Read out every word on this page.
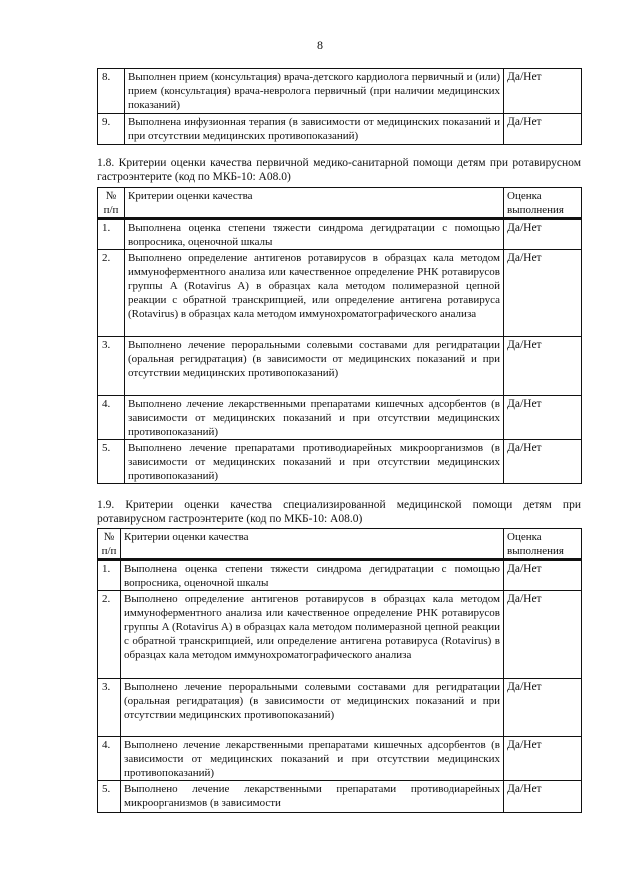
8
8.	Выполнен прием (консультация) врача-детского кардиолога первичный и (или) прием (консультация) врача-невролога первичный (при наличии медицинских показаний)	Да/Нет
9.	Выполнена инфузионная терапия (в зависимости от медицинских показаний и при отсутствии медицинских противопоказаний)	Да/Нет
1.8. Критерии оценки качества первичной медико-санитарной помощи детям при ротавирусном гастроэнтерите (код по МКБ-10: А08.0)
№ п/п	Критерии оценки качества	Оценка выполнения
1.	Выполнена оценка степени тяжести синдрома дегидратации с помощью вопросника, оценочной шкалы	Да/Нет
2.	Выполнено определение антигенов ротавирусов в образцах кала методом иммуноферментного анализа или качественное определение РНК ротавирусов группы A (Rotavirus A) в образцах кала методом полимеразной цепной реакции с обратной транскрипцией, или определение антигена ротавируса (Rotavirus) в образцах кала методом иммунохроматографического анализа	Да/Нет
3.	Выполнено лечение пероральными солевыми составами для регидратации (оральная регидратация) (в зависимости от медицинских показаний и при отсутствии медицинских противопоказаний)	Да/Нет
4.	Выполнено лечение лекарственными препаратами кишечных адсорбентов (в зависимости от медицинских показаний и при отсутствии медицинских противопоказаний)	Да/Нет
5.	Выполнено лечение препаратами противодиарейных микроорганизмов (в зависимости от медицинских показаний и при отсутствии медицинских противопоказаний)	Да/Нет
1.9. Критерии оценки качества специализированной медицинской помощи детям при ротавирусном гастроэнтерите (код по МКБ-10: А08.0)
№ п/п	Критерии оценки качества	Оценка выполнения
1.	Выполнена оценка степени тяжести синдрома дегидратации с помощью вопросника, оценочной шкалы	Да/Нет
2.	Выполнено определение антигенов ротавирусов в образцах кала методом иммуноферментного анализа или качественное определение РНК ротавирусов группы A (Rotavirus A) в образцах кала методом полимеразной цепной реакции с обратной транскрипцией, или определение антигена ротавируса (Rotavirus) в образцах кала методом иммунохроматографического анализа	Да/Нет
3.	Выполнено лечение пероральными солевыми составами для регидратации (оральная регидратация) (в зависимости от медицинских показаний и при отсутствии медицинских противопоказаний)	Да/Нет
4.	Выполнено лечение лекарственными препаратами кишечных адсорбентов (в зависимости от медицинских показаний и при отсутствии медицинских противопоказаний)	Да/Нет
5.	Выполнено лечение лекарственными препаратами противодиарейных микроорганизмов (в зависимости	Да/Нет
